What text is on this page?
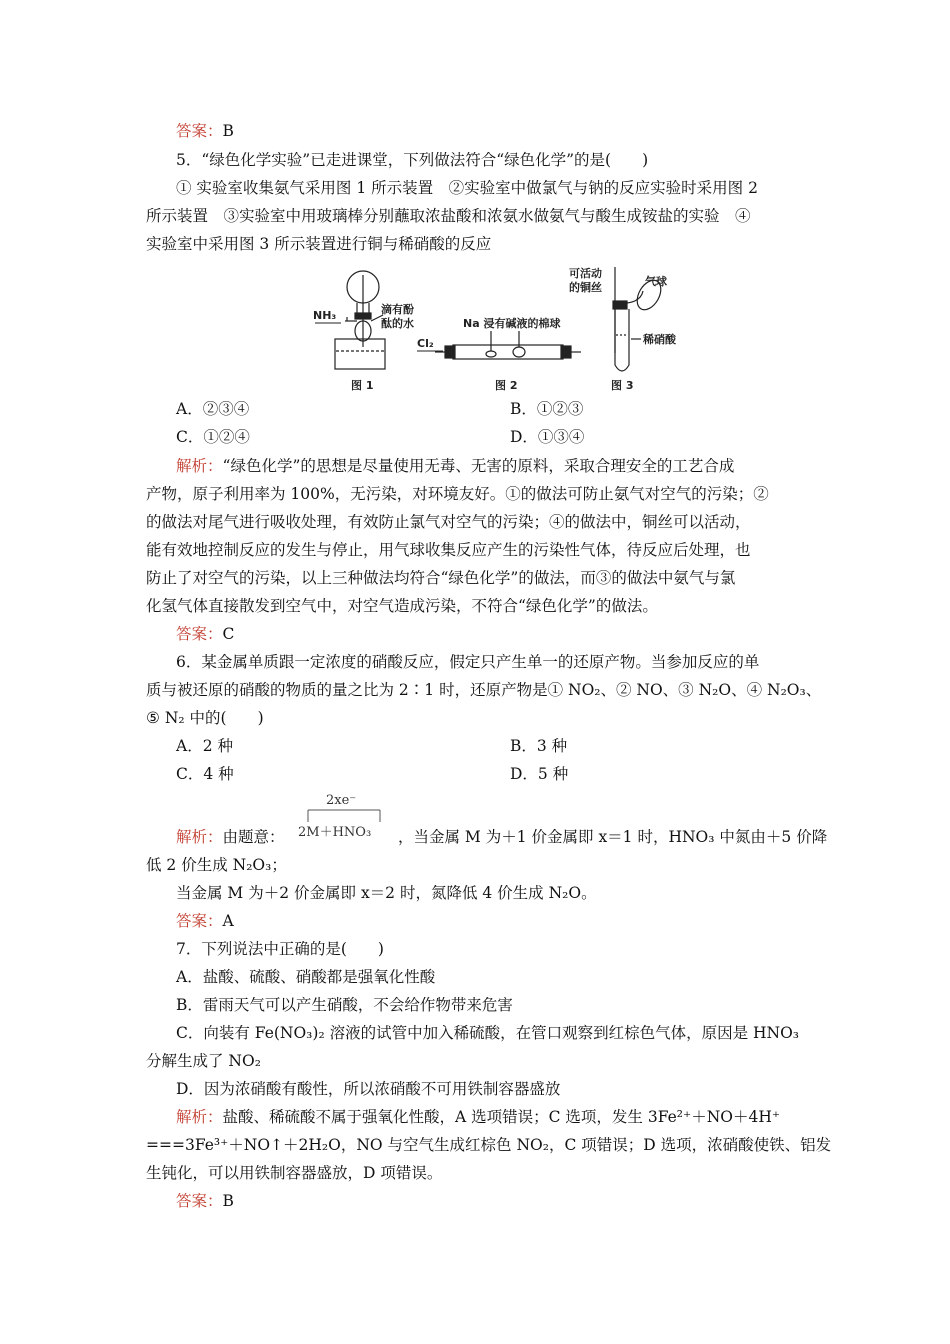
答案：B
5．“绿色化学实验”已走进课堂，下列做法符合“绿色化学”的是(　　)
① 实验室收集氨气采用图 1 所示装置　②实验室中做氯气与钠的反应实验时采用图 2
所示装置　③实验室中用玻璃棒分别蘸取浓盐酸和浓氨水做氨气与酸生成铵盐的实验　④
实验室中采用图 3 所示装置进行铜与稀硝酸的反应
NH₃	滴有酚
酞的水
图 1
Na 浸有碱液的棉球
Cl₂
图 2
可活动
的铜丝	气球
稀硝酸
图 3
A．②③④	B．①②③
C．①②④	D．①③④
解析：“绿色化学”的思想是尽量使用无毒、无害的原料，采取合理安全的工艺合成
产物，原子利用率为 100%，无污染，对环境友好。①的做法可防止氨气对空气的污染；②
的做法对尾气进行吸收处理，有效防止氯气对空气的污染；④的做法中，铜丝可以活动，
能有效地控制反应的发生与停止，用气球收集反应产生的污染性气体，待反应后处理，也
防止了对空气的污染，以上三种做法均符合“绿色化学”的做法，而③的做法中氨气与氯
化氢气体直接散发到空气中，对空气造成污染，不符合“绿色化学”的做法。
答案：C
6．某金属单质跟一定浓度的硝酸反应，假定只产生单一的还原产物。当参加反应的单
质与被还原的硝酸的物质的量之比为 2∶1 时，还原产物是① NO₂、② NO、③ N₂O、④ N₂O₃、
⑤ N₂ 中的(　　)
A．2 种	B．3 种
C．4 种	D．5 种
解析：由题意：
2xe⁻
2M＋HNO₃ ，当金属 M 为＋1 价金属即 x＝1 时，HNO₃ 中氮由＋5 价降
低 2 价生成 N₂O₃；
当金属 M 为＋2 价金属即 x＝2 时，氮降低 4 价生成 N₂O。
答案：A
7．下列说法中正确的是(　　)
A．盐酸、硫酸、硝酸都是强氧化性酸
B．雷雨天气可以产生硝酸，不会给作物带来危害
C．向装有 Fe(NO₃)₂ 溶液的试管中加入稀硫酸，在管口观察到红棕色气体，原因是 HNO₃
分解生成了 NO₂
D．因为浓硝酸有酸性，所以浓硝酸不可用铁制容器盛放
解析：盐酸、稀硫酸不属于强氧化性酸，A 选项错误；C 选项，发生 3Fe²⁺＋NO＋4H⁺
===3Fe³⁺＋NO↑＋2H₂O，NO 与空气生成红棕色 NO₂，C 项错误；D 选项，浓硝酸使铁、铝发
生钝化，可以用铁制容器盛放，D 项错误。
答案：B
